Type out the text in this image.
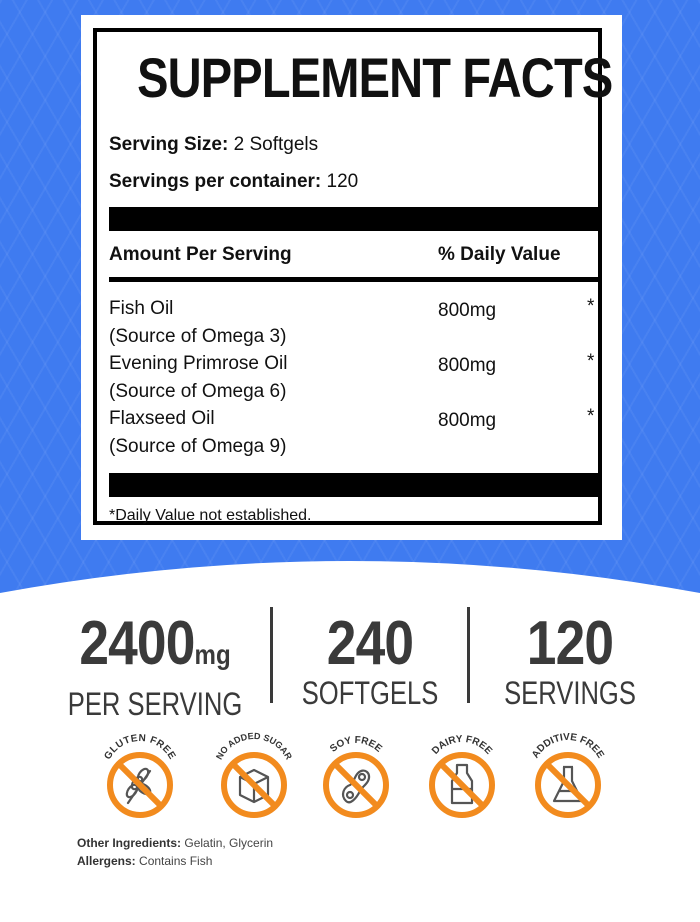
SUPPLEMENT FACTS
Serving Size: 2 Softgels
Servings per container: 120
Amount Per Serving	% Daily Value
Fish Oil
(Source of Omega 3)
800mg	*
Evening Primrose Oil
(Source of Omega 6)
800mg	*
Flaxseed Oil
(Source of Omega 9)
800mg	*
*Daily Value not established.
2400mg
PER SERVING
240
SOFTGELS
120
SERVINGS
GLUTEN FREE	NO ADDED SUGAR
SOY FREE	DAIRY FREE	ADDITIVE FREE
Other Ingredients: Gelatin, Glycerin
Allergens: Contains Fish
